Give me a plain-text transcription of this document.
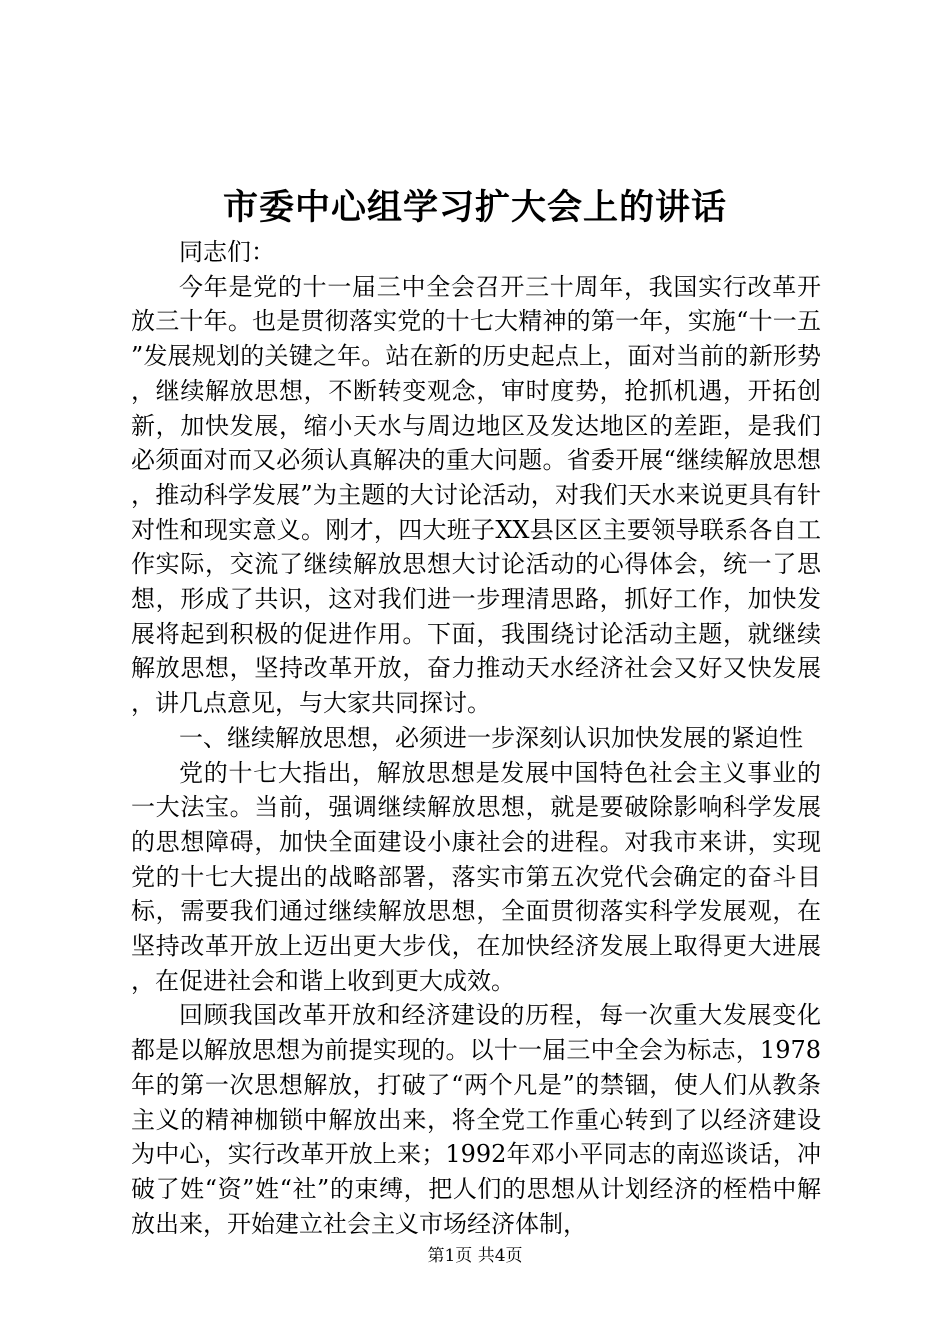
市委中心组学习扩大会上的讲话

同志们：

今年是党的十一届三中全会召开三十周年，我国实行改革开放三十年。也是贯彻落实党的十七大精神的第一年，实施“十一五”发展规划的关键之年。站在新的历史起点上，面对当前的新形势，继续解放思想，不断转变观念，审时度势，抢抓机遇，开拓创新，加快发展，缩小天水与周边地区及发达地区的差距，是我们必须面对而又必须认真解决的重大问题。省委开展“继续解放思想，推动科学发展”为主题的大讨论活动，对我们天水来说更具有针对性和现实意义。刚才，四大班子XX县区区主要领导联系各自工作实际，交流了继续解放思想大讨论活动的心得体会，统一了思想，形成了共识，这对我们进一步理清思路，抓好工作，加快发展将起到积极的促进作用。下面，我围绕讨论活动主题，就继续解放思想，坚持改革开放，奋力推动天水经济社会又好又快发展，讲几点意见，与大家共同探讨。

一、继续解放思想，必须进一步深刻认识加快发展的紧迫性

党的十七大指出，解放思想是发展中国特色社会主义事业的一大法宝。当前，强调继续解放思想，就是要破除影响科学发展的思想障碍，加快全面建设小康社会的进程。对我市来讲，实现党的十七大提出的战略部署，落实市第五次党代会确定的奋斗目标，需要我们通过继续解放思想，全面贯彻落实科学发展观，在坚持改革开放上迈出更大步伐，在加快经济发展上取得更大进展，在促进社会和谐上收到更大成效。

回顾我国改革开放和经济建设的历程，每一次重大发展变化都是以解放思想为前提实现的。以十一届三中全会为标志，1978年的第一次思想解放，打破了“两个凡是”的禁锢，使人们从教条主义的精神枷锁中解放出来，将全党工作重心转到了以经济建设为中心，实行改革开放上来；1992年邓小平同志的南巡谈话，冲破了姓“资”姓“社”的束缚，把人们的思想从计划经济的桎梏中解放出来，开始建立社会主义市场经济体制，

第1页 共4页
